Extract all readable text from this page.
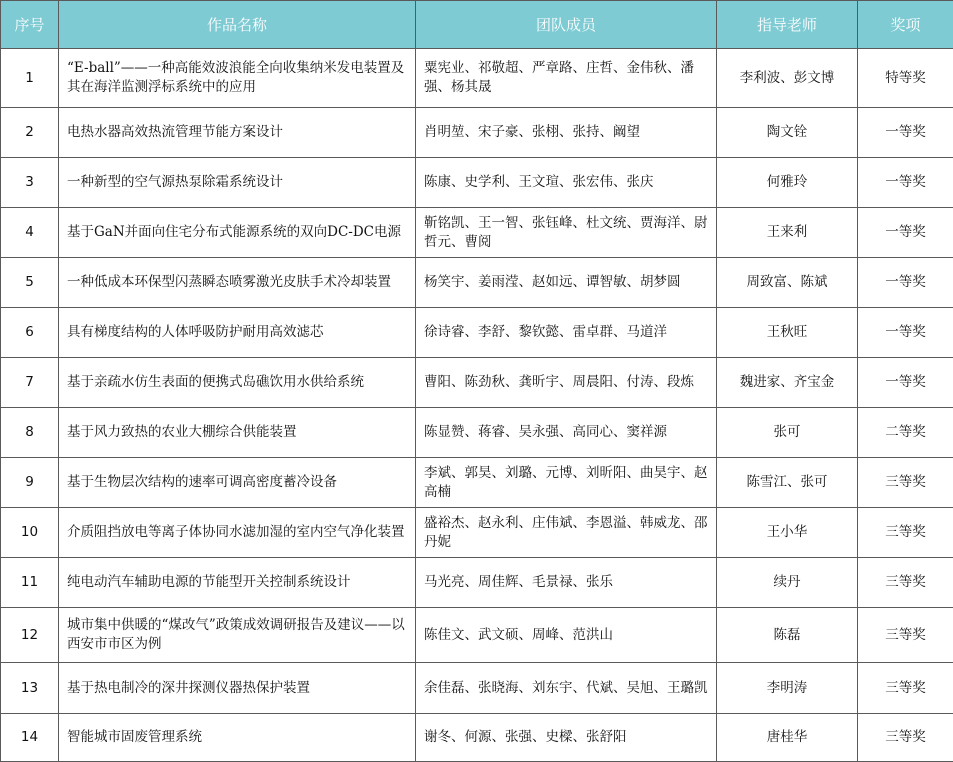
序号	作品名称	团队成员	指导老师	奖项
1	“E-ball”——一种高能效波浪能全向收集纳米发电装置及其在海洋监测浮标系统中的应用	粟宪业、祁敬超、严章路、庄哲、金伟秋、潘强、杨其晟	李利波、彭文博	特等奖
2	电热水器高效热流管理节能方案设计	肖明堃、宋子豪、张栩、张持、阚望	陶文铨	一等奖
3	一种新型的空气源热泵除霜系统设计	陈康、史学利、王文瑄、张宏伟、张庆	何雅玲	一等奖
4	基于GaN并面向住宅分布式能源系统的双向DC-DC电源	靳铭凯、王一智、张钰峰、杜文统、贾海洋、尉哲元、曹阅	王来利	一等奖
5	一种低成本环保型闪蒸瞬态喷雾激光皮肤手术冷却装置	杨笑宇、姜雨滢、赵如远、谭智敏、胡梦圆	周致富、陈斌	一等奖
6	具有梯度结构的人体呼吸防护耐用高效滤芯	徐诗睿、李舒、黎钦懿、雷卓群、马道洋	王秋旺	一等奖
7	基于亲疏水仿生表面的便携式岛礁饮用水供给系统	曹阳、陈劲秋、龚昕宇、周晨阳、付涛、段炼	魏进家、齐宝金	一等奖
8	基于风力致热的农业大棚综合供能装置	陈显赞、蒋睿、吴永强、高同心、窦祥源	张可	二等奖
9	基于生物层次结构的速率可调高密度蓄冷设备	李斌、郭昊、刘璐、元博、刘昕阳、曲昊宇、赵高楠	陈雪江、张可	三等奖
10	介质阻挡放电等离子体协同水滤加湿的室内空气净化装置	盛裕杰、赵永利、庄伟斌、李恩溢、韩威龙、邵丹妮	王小华	三等奖
11	纯电动汽车辅助电源的节能型开关控制系统设计	马光亮、周佳辉、毛景禄、张乐	续丹	三等奖
12	城市集中供暖的“煤改气”政策成效调研报告及建议——以西安市市区为例	陈佳文、武文硕、周峰、范洪山	陈磊	三等奖
13	基于热电制冷的深井探测仪器热保护装置	余佳磊、张晓海、刘东宇、代斌、吴旭、王璐凯	李明涛	三等奖
14	智能城市固废管理系统	谢冬、何源、张强、史樑、张舒阳	唐桂华	三等奖
